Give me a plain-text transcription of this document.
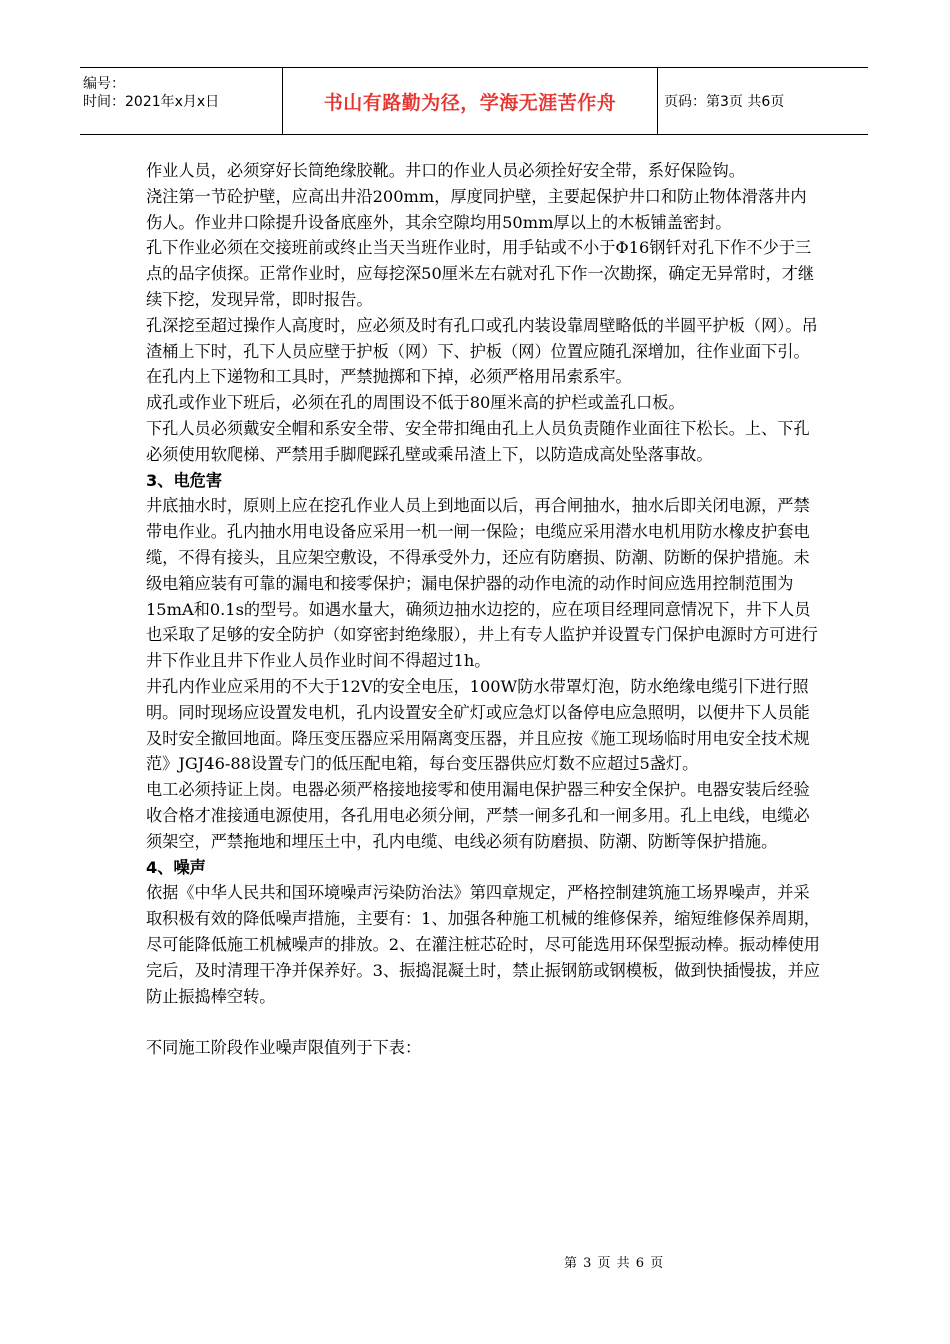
编号：
时间：2021年x月x日	书山有路勤为径，学海无涯苦作舟	页码：第3页 共6页

作业人员，必须穿好长筒绝缘胶靴。井口的作业人员必须拴好安全带，系好保险钩。

浇注第一节砼护壁，应高出井沿200mm，厚度同护壁，主要起保护井口和防止物体滑落井内伤人。作业井口除提升设备底座外，其余空隙均用50mm厚以上的木板铺盖密封。

孔下作业必须在交接班前或终止当天当班作业时，用手钻或不小于Φ16钢钎对孔下作不少于三点的品字侦探。正常作业时，应每挖深50厘米左右就对孔下作一次勘探，确定无异常时，才继续下挖，发现异常，即时报告。

孔深挖至超过操作人高度时，应必须及时有孔口或孔内装设靠周壁略低的半圆平护板（网）。吊渣桶上下时，孔下人员应壁于护板（网）下、护板（网）位置应随孔深增加，往作业面下引。在孔内上下递物和工具时，严禁抛掷和下掉，必须严格用吊索系牢。

成孔或作业下班后，必须在孔的周围设不低于80厘米高的护栏或盖孔口板。

下孔人员必须戴安全帽和系安全带、安全带扣绳由孔上人员负责随作业面往下松长。上、下孔必须使用软爬梯、严禁用手脚爬踩孔壁或乘吊渣上下，以防造成高处坠落事故。

3、电危害

井底抽水时，原则上应在挖孔作业人员上到地面以后，再合闸抽水，抽水后即关闭电源，严禁带电作业。孔内抽水用电设备应采用一机一闸一保险；电缆应采用潜水电机用防水橡皮护套电缆，不得有接头，且应架空敷设，不得承受外力，还应有防磨损、防潮、防断的保护措施。未级电箱应装有可靠的漏电和接零保护；漏电保护器的动作电流的动作时间应选用控制范围为15mA和0.1s的型号。如遇水量大，确须边抽水边挖的，应在项目经理同意情况下，井下人员也采取了足够的安全防护（如穿密封绝缘服），井上有专人监护并设置专门保护电源时方可进行井下作业且井下作业人员作业时间不得超过1h。

井孔内作业应采用的不大于12V的安全电压，100W防水带罩灯泡，防水绝缘电缆引下进行照明。同时现场应设置发电机，孔内设置安全矿灯或应急灯以备停电应急照明，以便井下人员能及时安全撤回地面。降压变压器应采用隔离变压器，并且应按《施工现场临时用电安全技术规范》JGJ46-88设置专门的低压配电箱，每台变压器供应灯数不应超过5盏灯。

电工必须持证上岗。电器必须严格接地接零和使用漏电保护器三种安全保护。电器安装后经验收合格才准接通电源使用，各孔用电必须分闸，严禁一闸多孔和一闸多用。孔上电线，电缆必须架空，严禁拖地和埋压土中，孔内电缆、电线必须有防磨损、防潮、防断等保护措施。

4、噪声

依据《中华人民共和国环境噪声污染防治法》第四章规定，严格控制建筑施工场界噪声，并采取积极有效的降低噪声措施，主要有：1、加强各种施工机械的维修保养，缩短维修保养周期，尽可能降低施工机械噪声的排放。2、在灌注桩芯砼时，尽可能选用环保型振动棒。振动棒使用完后，及时清理干净并保养好。3、振捣混凝土时，禁止振钢筋或钢模板，做到快插慢拔，并应防止振捣棒空转。

不同施工阶段作业噪声限值列于下表：

第 3 页 共 6 页
